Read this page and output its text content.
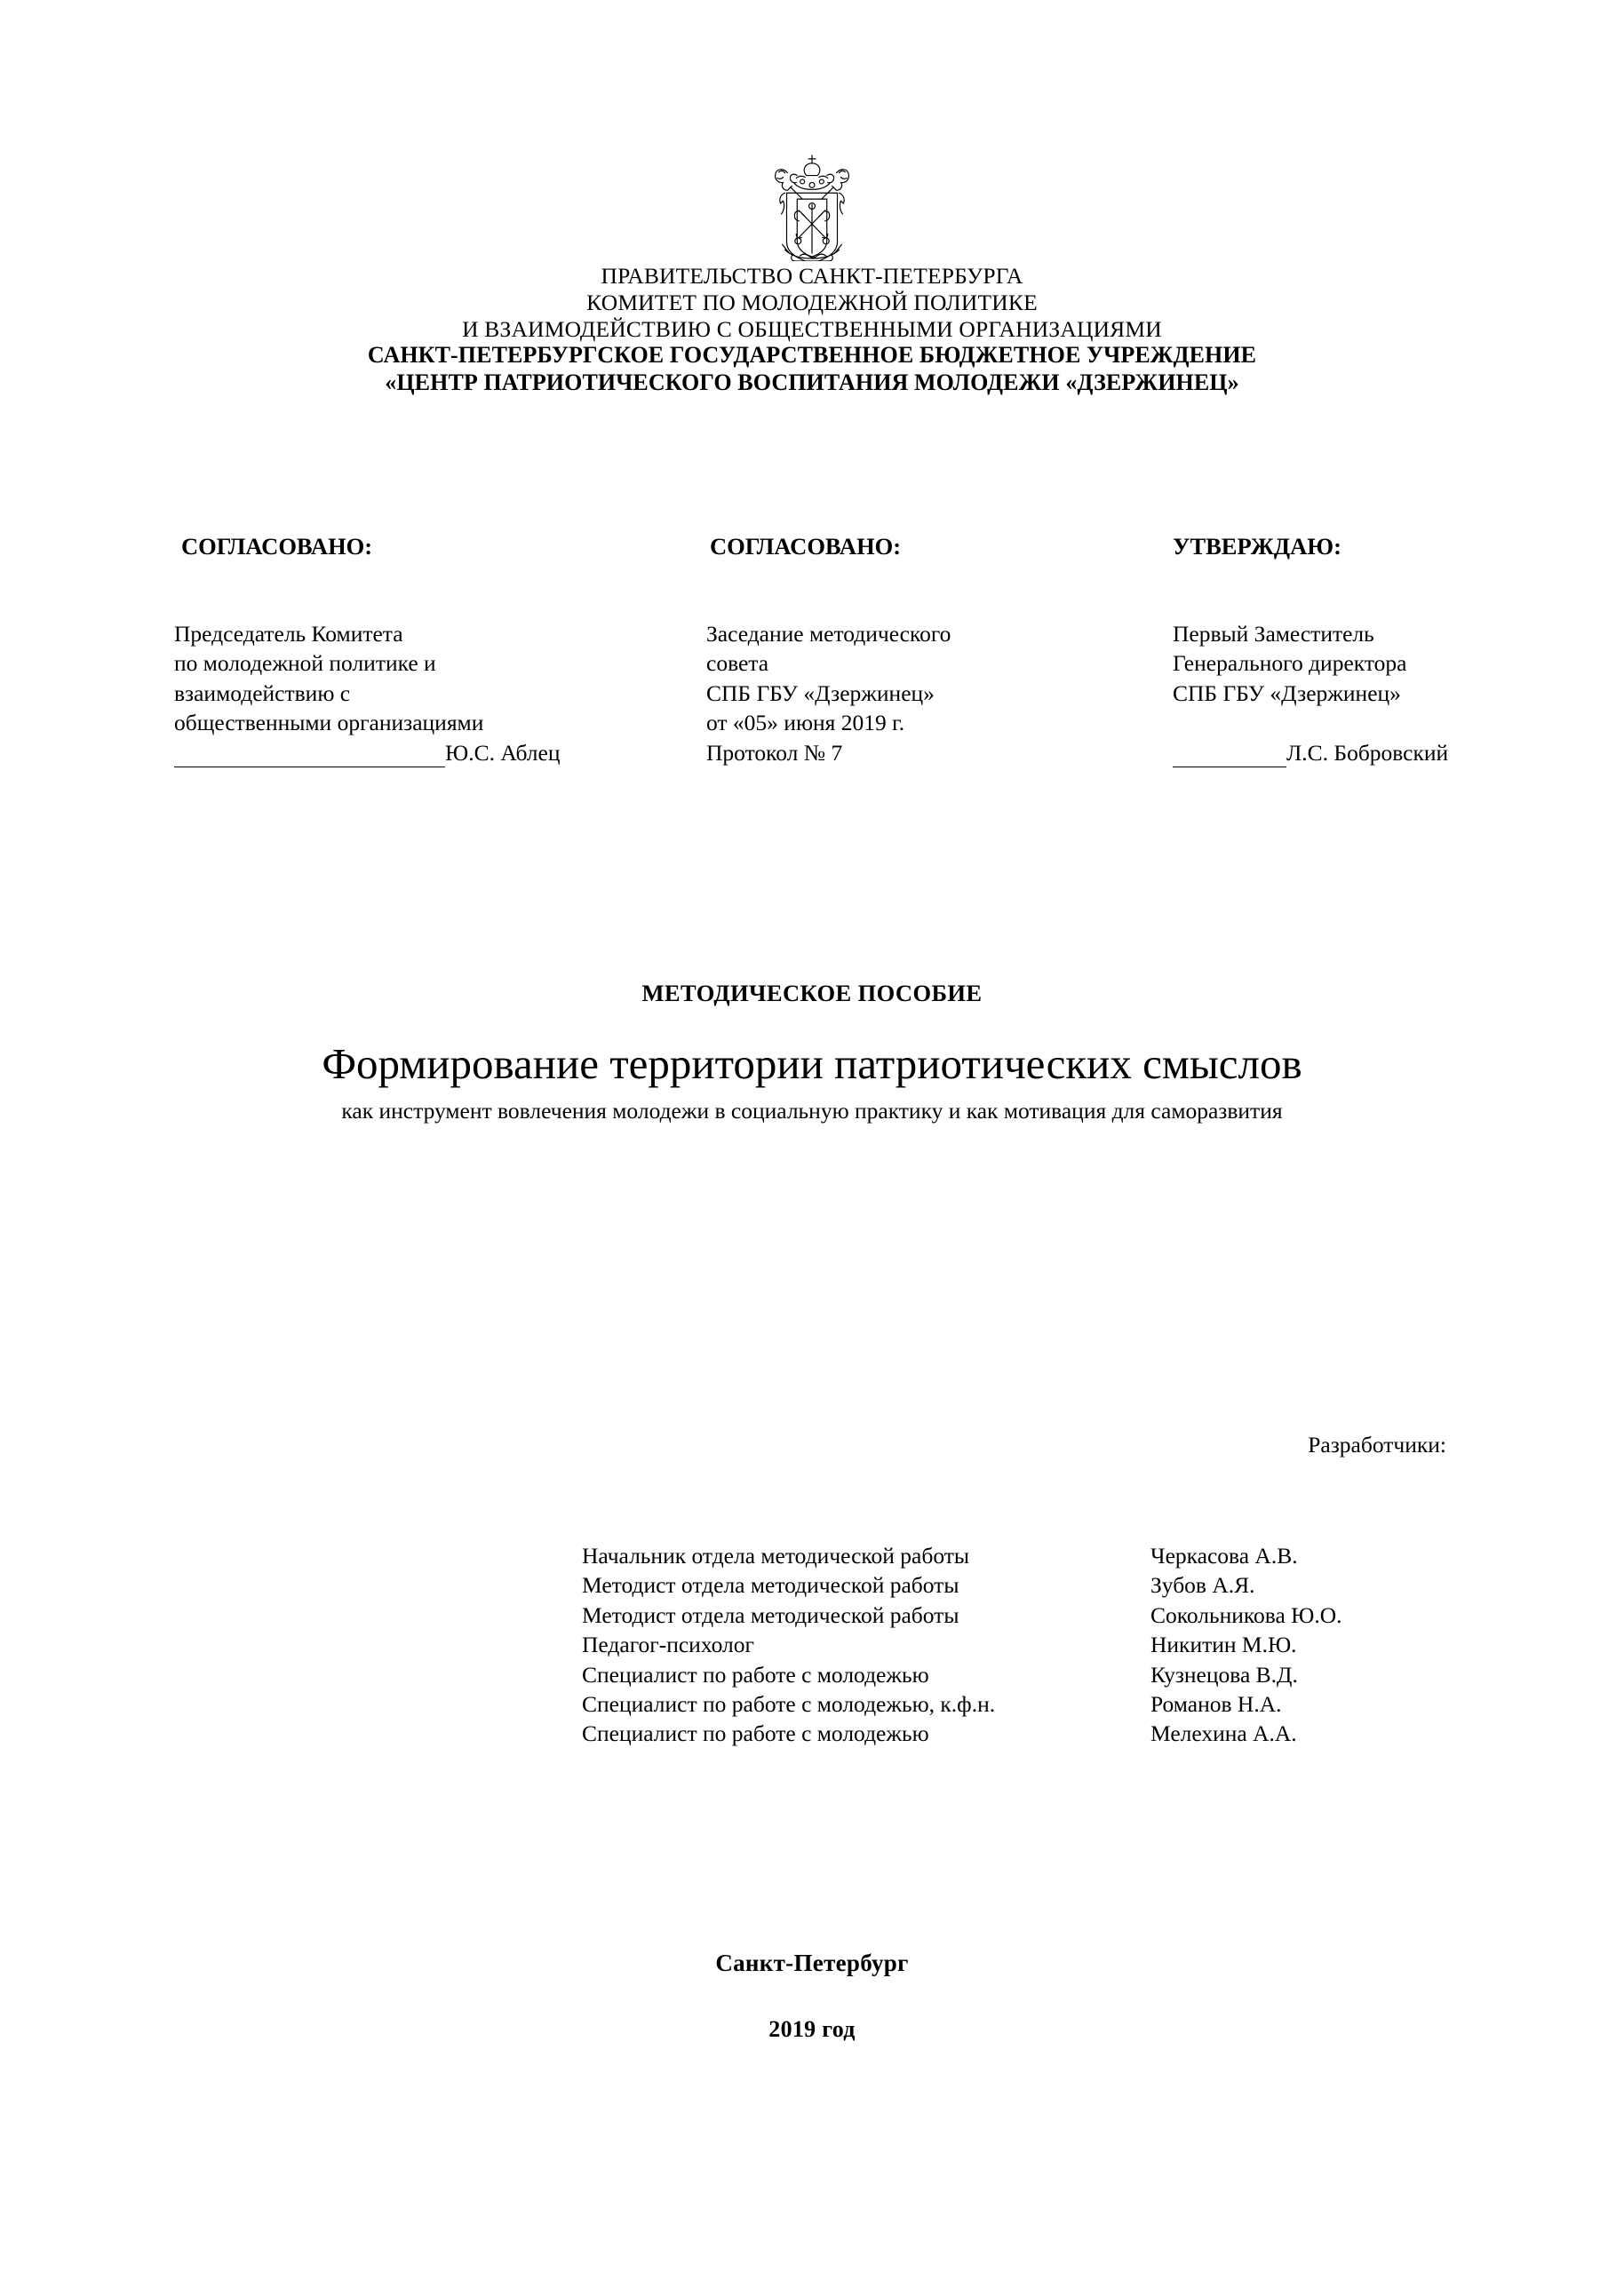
ПРАВИТЕЛЬСТВО САНКТ-ПЕТЕРБУРГА
КОМИТЕТ ПО МОЛОДЕЖНОЙ ПОЛИТИКЕ
И ВЗАИМОДЕЙСТВИЮ С ОБЩЕСТВЕННЫМИ ОРГАНИЗАЦИЯМИ
САНКТ-ПЕТЕРБУРГСКОЕ ГОСУДАРСТВЕННОЕ БЮДЖЕТНОЕ УЧРЕЖДЕНИЕ
«ЦЕНТР ПАТРИОТИЧЕСКОГО ВОСПИТАНИЯ МОЛОДЕЖИ «ДЗЕРЖИНЕЦ»
СОГЛАСОВАНО:
Председатель Комитета
по молодежной политике и
взаимодействию с
общественными организациями
Ю.С. Аблец
СОГЛАСОВАНО:
Заседание методического
совета
СПБ ГБУ «Дзержинец»
от «05» июня 2019 г.
Протокол № 7
УТВЕРЖДАЮ:
Первый Заместитель
Генерального директора
СПБ ГБУ «Дзержинец»
Л.С. Бобровский
МЕТОДИЧЕСКОЕ ПОСОБИЕ
Формирование территории патриотических смыслов
как инструмент вовлечения молодежи в социальную практику и как мотивация для саморазвития
Разработчики:
Начальник отдела методической работы	Черкасова А.В.
Методист отдела методической работы	Зубов А.Я.
Методист отдела методической работы	Сокольникова Ю.О.
Педагог-психолог	Никитин М.Ю.
Специалист по работе с молодежью	Кузнецова В.Д.
Специалист по работе с молодежью, к.ф.н.	Романов Н.А.
Специалист по работе с молодежью	Мелехина А.А.
Санкт-Петербург
2019 год
